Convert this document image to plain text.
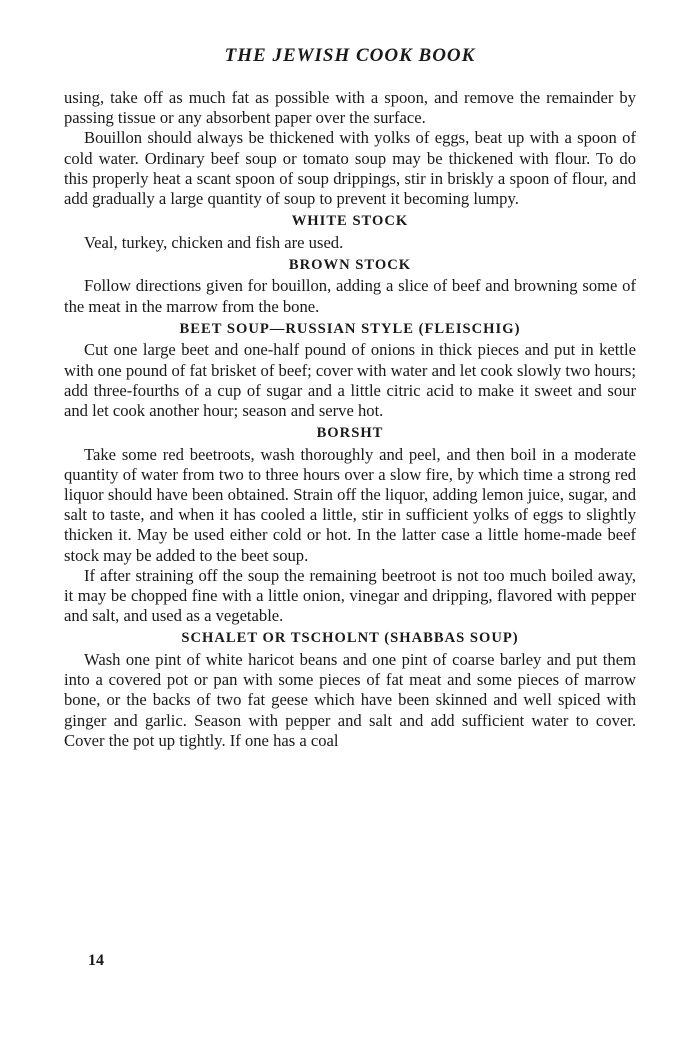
THE JEWISH COOK BOOK

using, take off as much fat as possible with a spoon, and remove the remainder by passing tissue or any absorbent paper over the surface.

Bouillon should always be thickened with yolks of eggs, beat up with a spoon of cold water. Ordinary beef soup or tomato soup may be thickened with flour. To do this properly heat a scant spoon of soup drippings, stir in briskly a spoon of flour, and add gradually a large quantity of soup to prevent it becoming lumpy.

WHITE STOCK

Veal, turkey, chicken and fish are used.

BROWN STOCK

Follow directions given for bouillon, adding a slice of beef and browning some of the meat in the marrow from the bone.

BEET SOUP—RUSSIAN STYLE (FLEISCHIG)

Cut one large beet and one-half pound of onions in thick pieces and put in kettle with one pound of fat brisket of beef; cover with water and let cook slowly two hours; add three-fourths of a cup of sugar and a little citric acid to make it sweet and sour and let cook another hour; season and serve hot.

BORSHT

Take some red beetroots, wash thoroughly and peel, and then boil in a moderate quantity of water from two to three hours over a slow fire, by which time a strong red liquor should have been obtained. Strain off the liquor, adding lemon juice, sugar, and salt to taste, and when it has cooled a little, stir in sufficient yolks of eggs to slightly thicken it. May be used either cold or hot. In the latter case a little home-made beef stock may be added to the beet soup.

If after straining off the soup the remaining beetroot is not too much boiled away, it may be chopped fine with a little onion, vinegar and dripping, flavored with pepper and salt, and used as a vegetable.

SCHALET OR TSCHOLNT (SHABBAS SOUP)

Wash one pint of white haricot beans and one pint of coarse barley and put them into a covered pot or pan with some pieces of fat meat and some pieces of marrow bone, or the backs of two fat geese which have been skinned and well spiced with ginger and garlic. Season with pepper and salt and add sufficient water to cover. Cover the pot up tightly. If one has a coal

14
